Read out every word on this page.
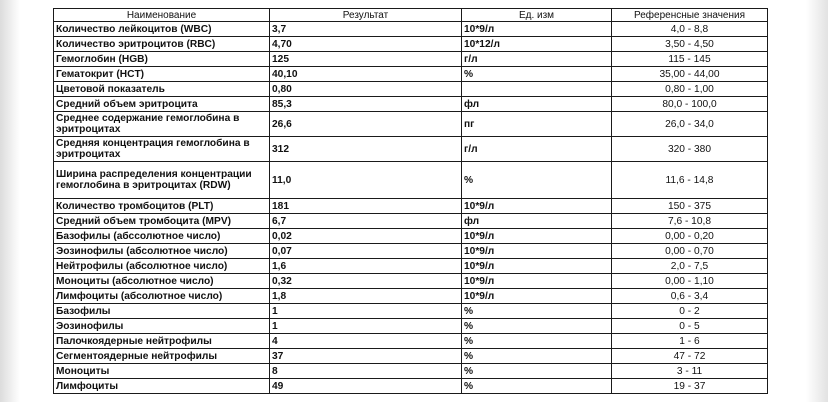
Наименование	Результат	Ед. изм	Референсные значения
Количество лейкоцитов (WBC)	3,7	10*9/л	4,0 - 8,8
Количество эритроцитов (RBC)	4,70	10*12/л	3,50 - 4,50
Гемоглобин (HGB)	125	г/л	115 - 145
Гематокрит (HCT)	40,10	%	35,00 - 44,00
Цветовой показатель	0,80		0,80 - 1,00
Средний объем эритроцита	85,3	фл	80,0 - 100,0
Среднее содержание гемоглобина в эритроцитах	26,6	пг	26,0 - 34,0
Средняя концентрация гемоглобина в эритроцитах	312	г/л	320 - 380
Ширина распределения концентрации гемоглобина в эритроцитах (RDW)	11,0	%	11,6 - 14,8
Количество тромбоцитов (PLT)	181	10*9/л	150 - 375
Средний объем тромбоцита (MPV)	6,7	фл	7,6 - 10,8
Базофилы (абссолютное число)	0,02	10*9/л	0,00 - 0,20
Эозинофилы (абсолютное число)	0,07	10*9/л	0,00 - 0,70
Нейтрофилы (абсолютное число)	1,6	10*9/л	2,0 - 7,5
Моноциты (абсолютное число)	0,32	10*9/л	0,00 - 1,10
Лимфоциты (абсолютное число)	1,8	10*9/л	0,6 - 3,4
Базофилы	1	%	0 - 2
Эозинофилы	1	%	0 - 5
Палочкоядерные нейтрофилы	4	%	1 - 6
Сегментоядерные нейтрофилы	37	%	47 - 72
Моноциты	8	%	3 - 11
Лимфоциты	49	%	19 - 37
